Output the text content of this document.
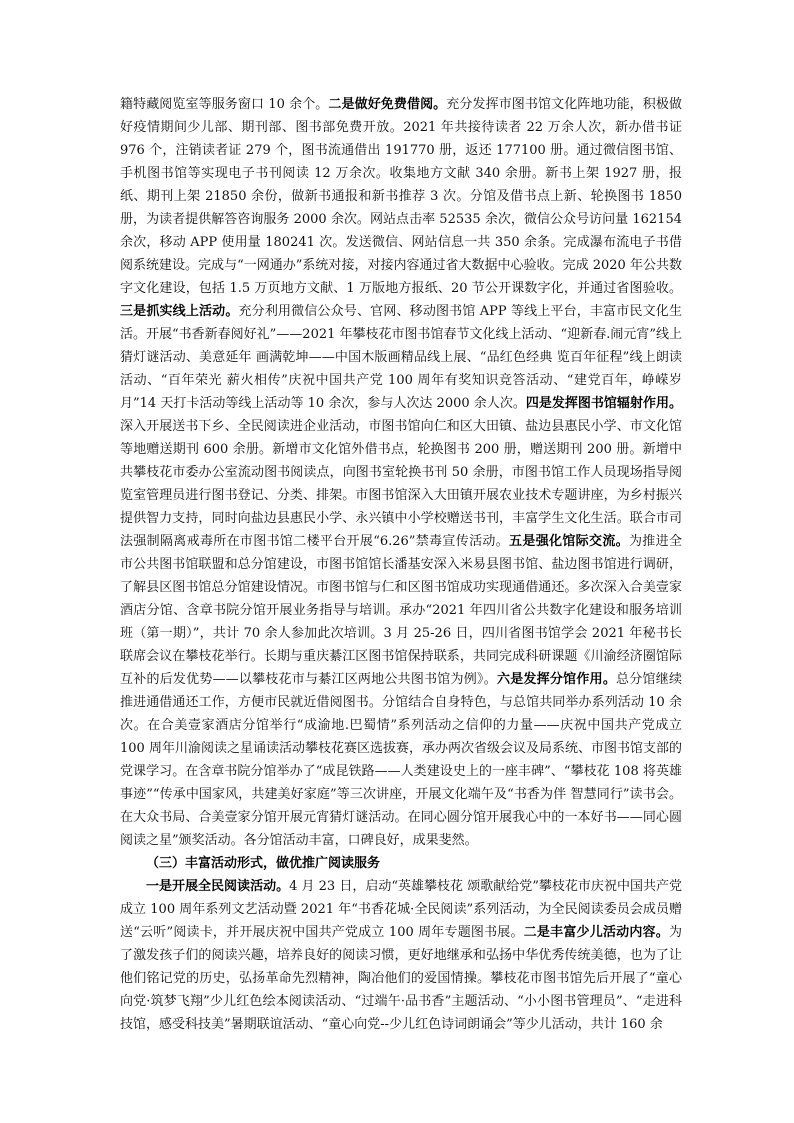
籍特藏阅览室等服务窗口 10 余个。二是做好免费借阅。充分发挥市图书馆文化阵地功能，积极做好疫情期间少儿部、期刊部、图书部免费开放。2021 年共接待读者 22 万余人次，新办借书证 976 个，注销读者证 279 个，图书流通借出 191770 册，返还 177100 册。通过微信图书馆、手机图书馆等实现电子书刊阅读 12 万余次。收集地方文献 340 余册。新书上架 1927 册，报纸、期刊上架 21850 余份，做新书通报和新书推荐 3 次。分馆及借书点上新、轮换图书 1850 册，为读者提供解答咨询服务 2000 余次。网站点击率 52535 余次，微信公众号访问量 162154 余次，移动 APP 使用量 180241 次。发送微信、网站信息一共 350 余条。完成瀑布流电子书借阅系统建设。完成与“一网通办”系统对接，对接内容通过省大数据中心验收。完成 2020 年公共数字文化建设，包括 1.5 万页地方文献、1 万版地方报纸、20 节公开课数字化，并通过省图验收。三是抓实线上活动。充分利用微信公众号、官网、移动图书馆 APP 等线上平台，丰富市民文化生活。开展“书香新春阅好礼”——2021 年攀枝花市图书馆春节文化线上活动、“迎新春.闹元宵”线上猜灯谜活动、美意延年 画满乾坤——中国木版画精品线上展、“品红色经典 览百年征程”线上朗读活动、“百年荣光 薪火相传”庆祝中国共产党 100 周年有奖知识竞答活动、“建党百年，峥嵘岁月”14 天打卡活动等线上活动等 10 余次，参与人次达 2000 余人次。四是发挥图书馆辐射作用。深入开展送书下乡、全民阅读进企业活动，市图书馆向仁和区大田镇、盐边县惠民小学、市文化馆等地赠送期刊 600 余册。新增市文化馆外借书点，轮换图书 200 册，赠送期刊 200 册。新增中共攀枝花市委办公室流动图书阅读点，向图书室轮换书刊 50 余册，市图书馆工作人员现场指导阅览室管理员进行图书登记、分类、排架。市图书馆深入大田镇开展农业技术专题讲座，为乡村振兴提供智力支持，同时向盐边县惠民小学、永兴镇中小学校赠送书刊，丰富学生文化生活。联合市司法强制隔离戒毒所在市图书馆二楼平台开展“6.26”禁毒宣传活动。五是强化馆际交流。为推进全市公共图书馆联盟和总分馆建设，市图书馆馆长潘基安深入米易县图书馆、盐边图书馆进行调研，了解县区图书馆总分馆建设情况。市图书馆与仁和区图书馆成功实现通借通还。多次深入合美壹家酒店分馆、含章书院分馆开展业务指导与培训。承办“2021 年四川省公共数字化建设和服务培训班（第一期）”，共计 70 余人参加此次培训。3 月 25-26 日，四川省图书馆学会 2021 年秘书长联席会议在攀枝花举行。长期与重庆綦江区图书馆保持联系，共同完成科研课题《川渝经济圈馆际互补的后发优势——以攀枝花市与綦江区两地公共图书馆为例》。六是发挥分馆作用。总分馆继续推进通借通还工作，方便市民就近借阅图书。分馆结合自身特色，与总馆共同举办系列活动 10 余次。在合美壹家酒店分馆举行“成渝地.巴蜀情”系列活动之信仰的力量——庆祝中国共产党成立 100 周年川渝阅读之星诵读活动攀枝花赛区选拔赛，承办两次省级会议及局系统、市图书馆支部的党课学习。在含章书院分馆举办了“成昆铁路——人类建设史上的一座丰碑”、“攀枝花 108 将英雄事迹”“传承中国家风，共建美好家庭”等三次讲座，开展文化端午及“书香为伴 智慧同行”读书会。在大众书局、合美壹家分馆开展元宵猜灯谜活动。在同心圆分馆开展我心中的一本好书——同心圆阅读之星”颁奖活动。各分馆活动丰富，口碑良好，成果斐然。

（三）丰富活动形式，做优推广阅读服务

一是开展全民阅读活动。4 月 23 日，启动“英雄攀枝花 颂歌献给党”攀枝花市庆祝中国共产党成立 100 周年系列文艺活动暨 2021 年“书香花城·全民阅读”系列活动，为全民阅读委员会成员赠送“云听”阅读卡，并开展庆祝中国共产党成立 100 周年专题图书展。二是丰富少儿活动内容。为了激发孩子们的阅读兴趣，培养良好的阅读习惯，更好地继承和弘扬中华优秀传统美德，也为了让他们铭记党的历史，弘扬革命先烈精神，陶冶他们的爱国情操。攀枝花市图书馆先后开展了“童心向党·筑梦飞翔”少儿红色绘本阅读活动、“过端午·品书香”主题活动、“小小图书管理员”、“走进科技馆，感受科技美”暑期联谊活动、“童心向党--少儿红色诗词朗诵会”等少儿活动，共计 160 余
